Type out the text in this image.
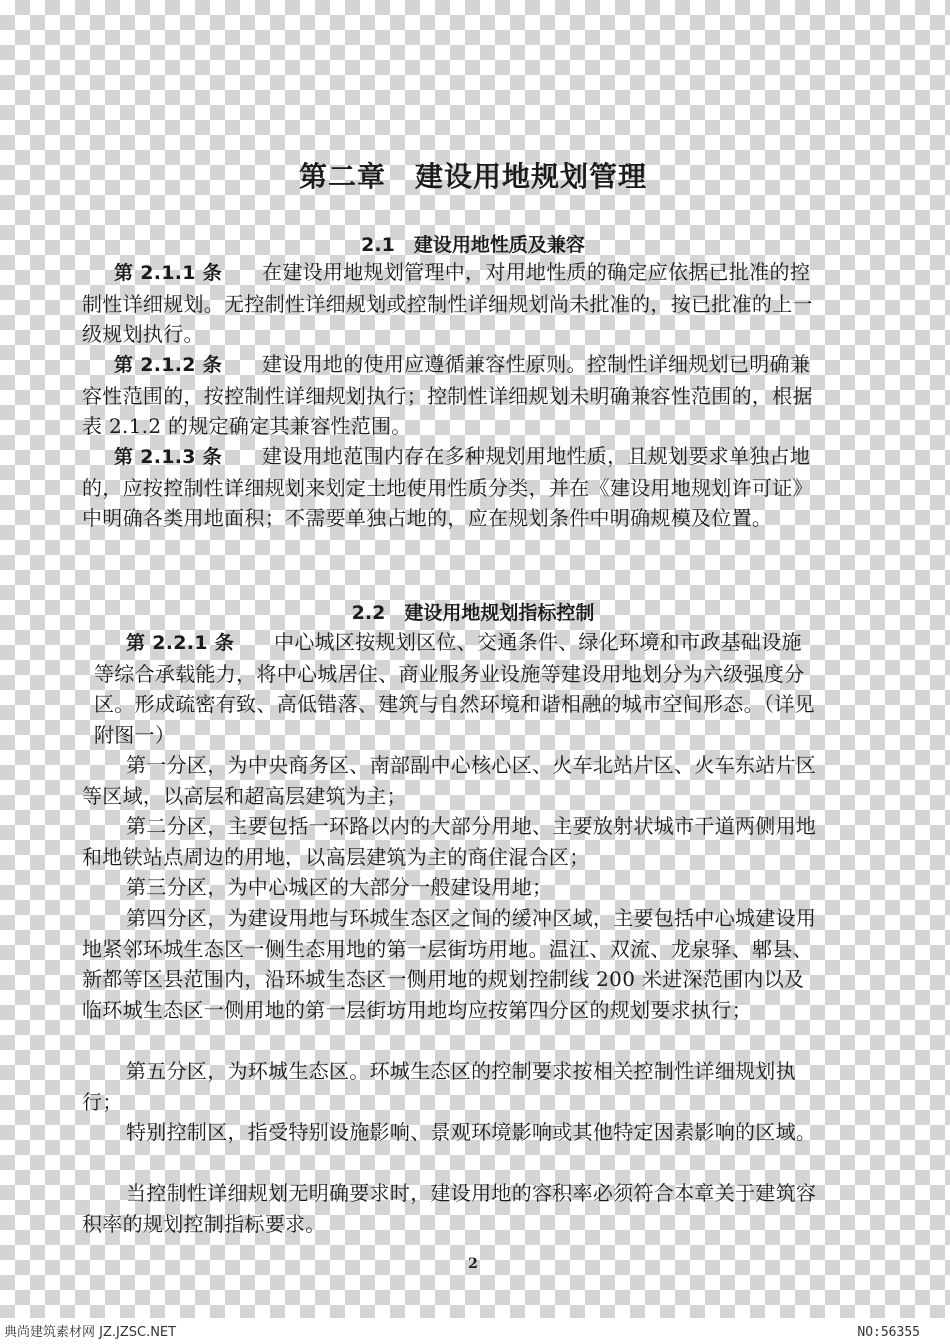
第二章　建设用地规划管理
2.1　建设用地性质及兼容

第 2.1.1 条 在建设用地规划管理中，对用地性质的确定应依据已批准的控制性详细规划。无控制性详细规划或控制性详细规划尚未批准的，按已批准的上一级规划执行。

第 2.1.2 条 建设用地的使用应遵循兼容性原则。控制性详细规划已明确兼容性范围的，按控制性详细规划执行；控制性详细规划未明确兼容性范围的，根据表 2.1.2 的规定确定其兼容性范围。

第 2.1.3 条 建设用地范围内存在多种规划用地性质，且规划要求单独占地的，应按控制性详细规划来划定土地使用性质分类，并在《建设用地规划许可证》中明确各类用地面积；不需要单独占地的，应在规划条件中明确规模及位置。

2.2　建设用地规划指标控制

第 2.2.1 条 中心城区按规划区位、交通条件、绿化环境和市政基础设施等综合承载能力，将中心城居住、商业服务业设施等建设用地划分为六级强度分区。形成疏密有致、高低错落、建筑与自然环境和谐相融的城市空间形态。（详见附图一）

第一分区，为中央商务区、南部副中心核心区、火车北站片区、火车东站片区等区域，以高层和超高层建筑为主；

第二分区，主要包括一环路以内的大部分用地、主要放射状城市干道两侧用地和地铁站点周边的用地，以高层建筑为主的商住混合区；

第三分区，为中心城区的大部分一般建设用地；

第四分区，为建设用地与环城生态区之间的缓冲区域，主要包括中心城建设用地紧邻环城生态区一侧生态用地的第一层街坊用地。温江、双流、龙泉驿、郫县、新都等区县范围内，沿环城生态区一侧用地的规划控制线 200 米进深范围内以及临环城生态区一侧用地的第一层街坊用地均应按第四分区的规划要求执行；

第五分区，为环城生态区。环城生态区的控制要求按相关控制性详细规划执行；

特别控制区，指受特别设施影响、景观环境影响或其他特定因素影响的区域。

当控制性详细规划无明确要求时，建设用地的容积率必须符合本章关于建筑容积率的规划控制指标要求。

2

典尚建筑素材网 JZ.JZSC.NET	NO:56355
